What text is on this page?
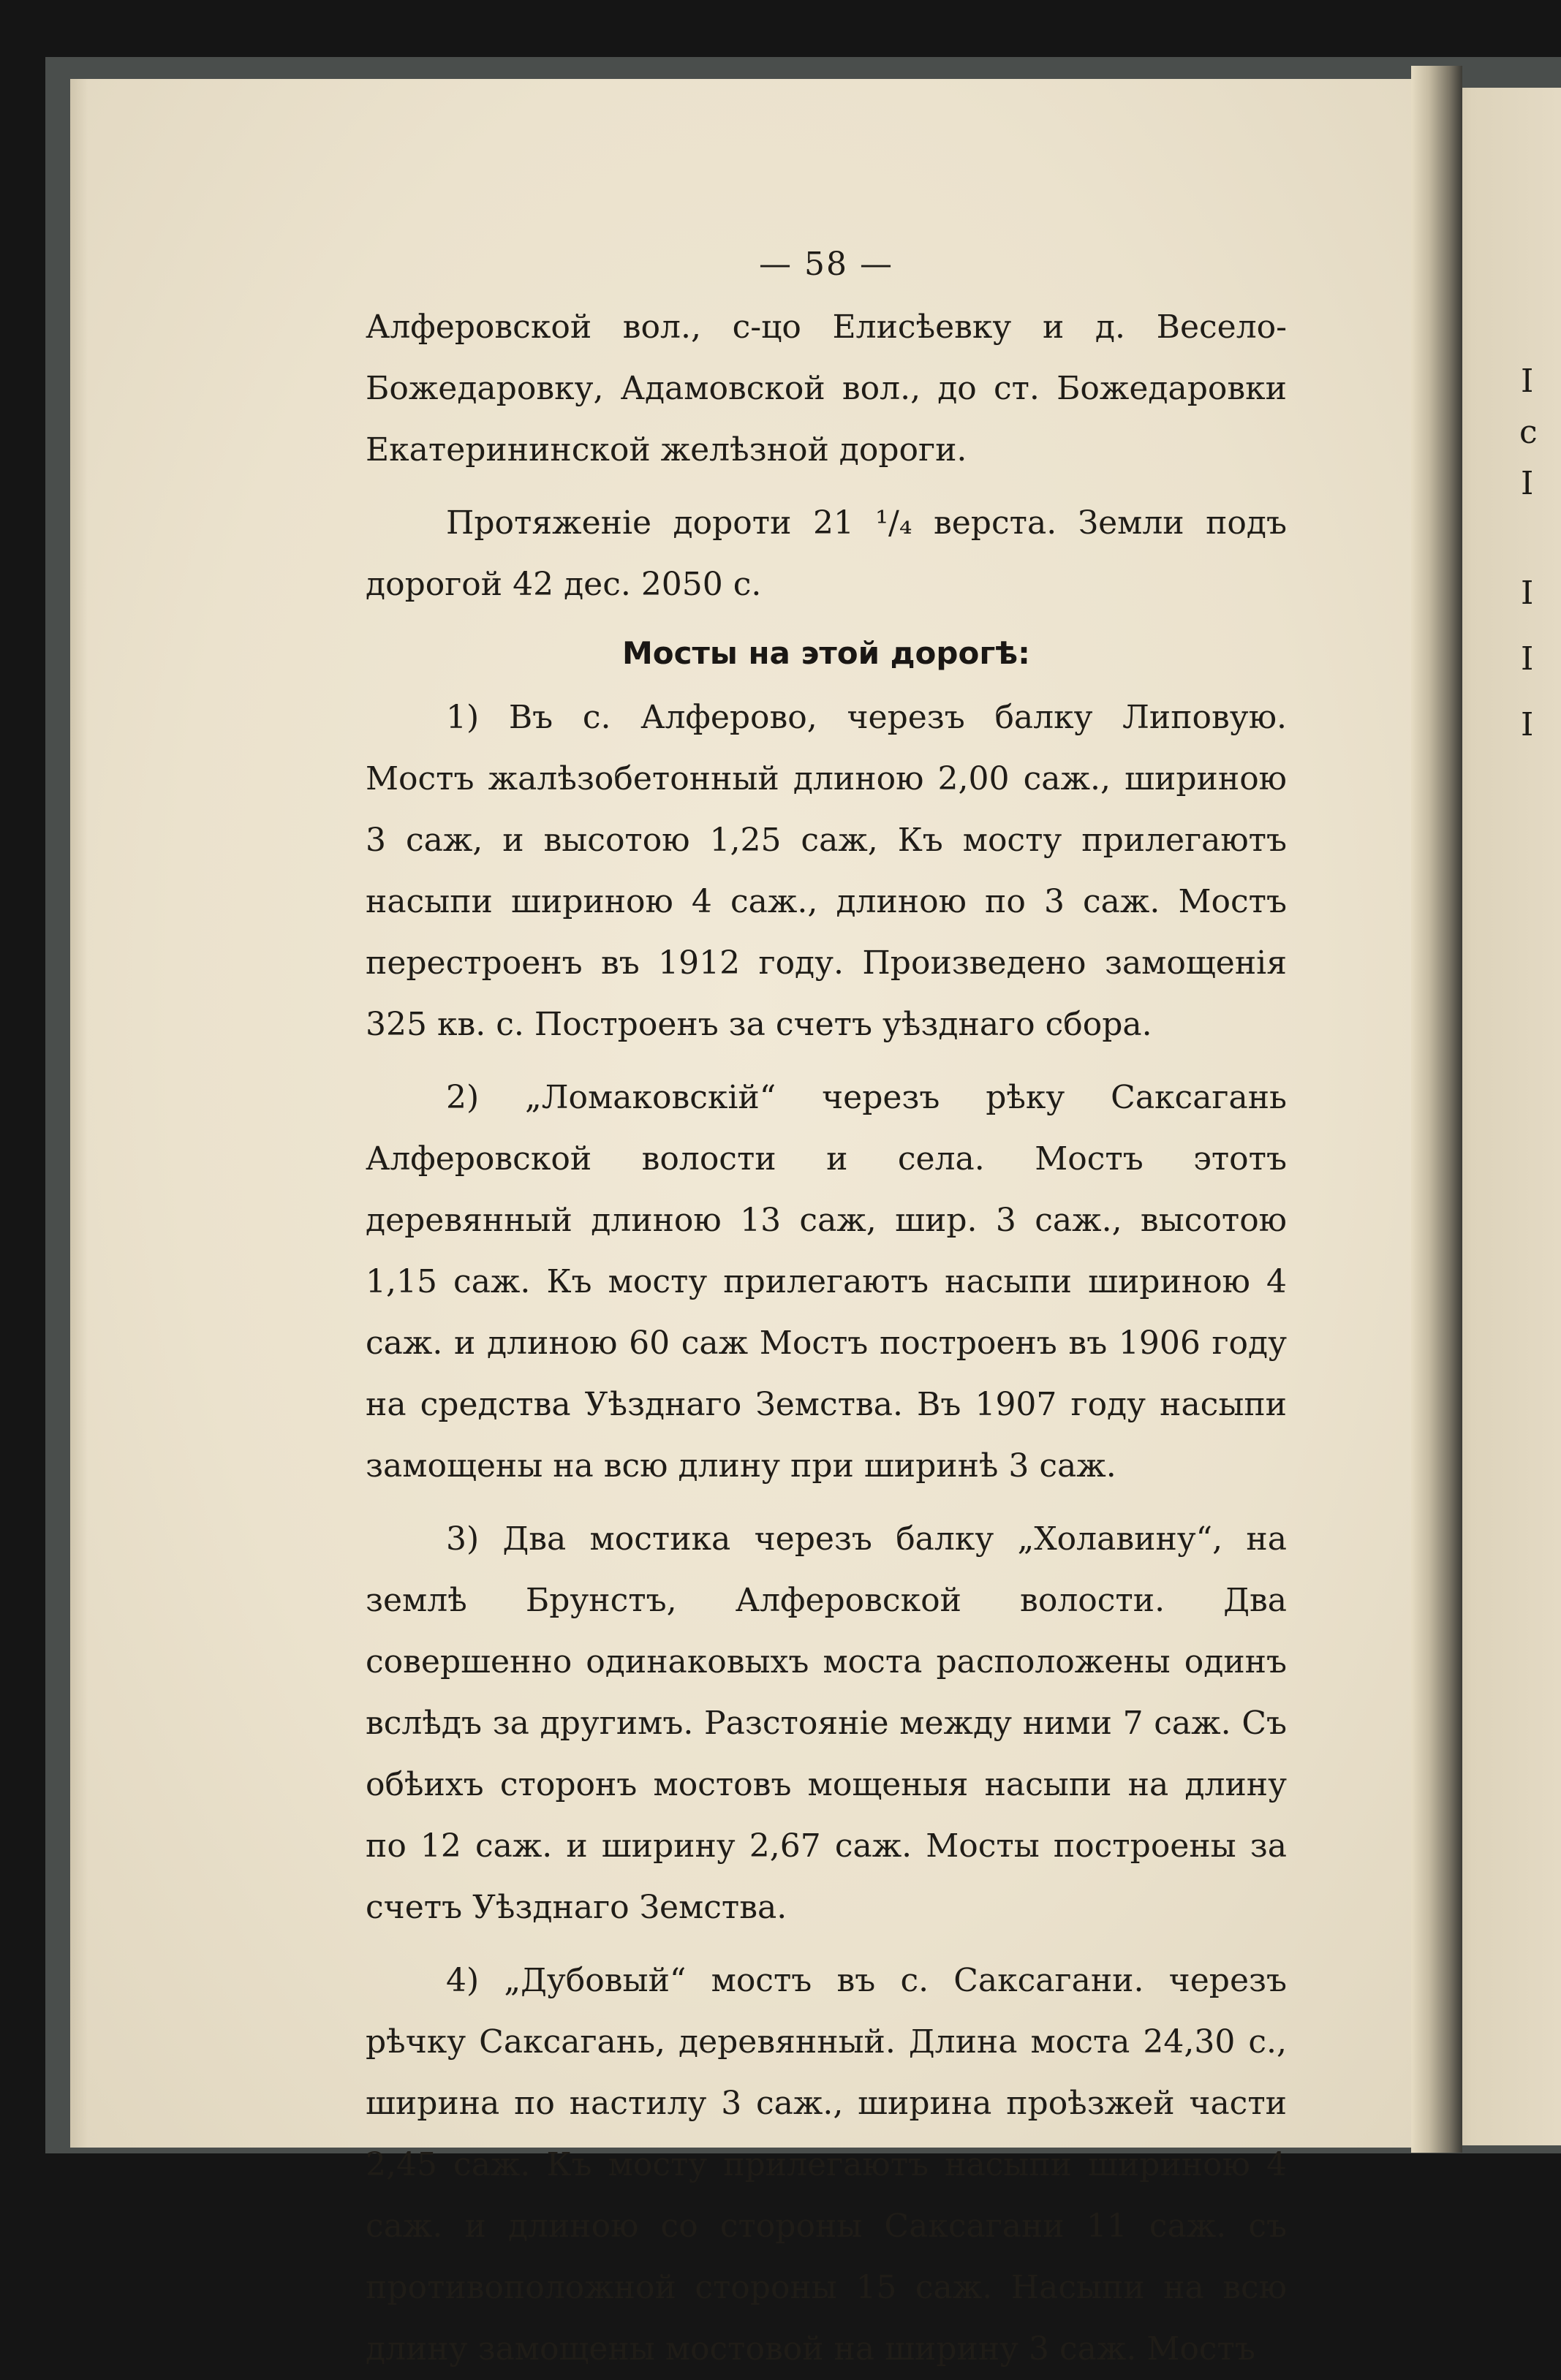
I
c
I
I
I
I
— 58 —

Алферовской вол., с-цо Елисѣевку и д. Весело-Божедаровку, Адамовской вол., до ст. Божедаровки Екатерининской желѣзной дороги.

Протяженіе дороти 21 ¹/₄ верста. Земли подъ дорогой 42 дес. 2050 с.

Мосты на этой дорогѣ:

1) Въ с. Алферово, черезъ балку Липовую. Мостъ жалѣзобетонный длиною 2,00 саж., шириною 3 саж, и высотою 1,25 саж, Къ мосту прилегаютъ насыпи шириною 4 саж., длиною по 3 саж. Мостъ перестроенъ въ 1912 году. Произведено замощенія 325 кв. с. Построенъ за счетъ уѣзднаго сбора.

2) „Ломаковскій“ черезъ рѣку Саксагань Алферовской волости и села. Мостъ этотъ деревянный длиною 13 саж, шир. 3 саж., высотою 1,15 саж. Къ мосту прилегаютъ насыпи шириною 4 саж. и длиною 60 саж Мостъ построенъ въ 1906 году на средства Уѣзднаго Земства. Въ 1907 году насыпи замощены на всю длину при ширинѣ 3 саж.

3) Два мостика черезъ балку „Холавину“, на землѣ Брунстъ, Алферовской волости. Два совершенно одинаковыхъ моста расположены одинъ вслѣдъ за другимъ. Разстояніе между ними 7 саж. Съ обѣихъ сторонъ мостовъ мощеныя насыпи на длину по 12 саж. и ширину 2,67 саж. Мосты построены за счетъ Уѣзднаго Земства.

4) „Дубовый“ мостъ въ с. Саксагани. черезъ рѣчку Саксагань, деревянный. Длина моста 24,30 с., ширина по настилу 3 саж., ширина проѣзжей части 2,45 саж. Къ мосту прилегаютъ насыпи шириною 4 саж. и длиною со стороны Саксагани 11 саж. съ противоположной стороны 15 саж. Насыпи на всю длину замощены мостовой на ширину 3 саж. Мостъ
